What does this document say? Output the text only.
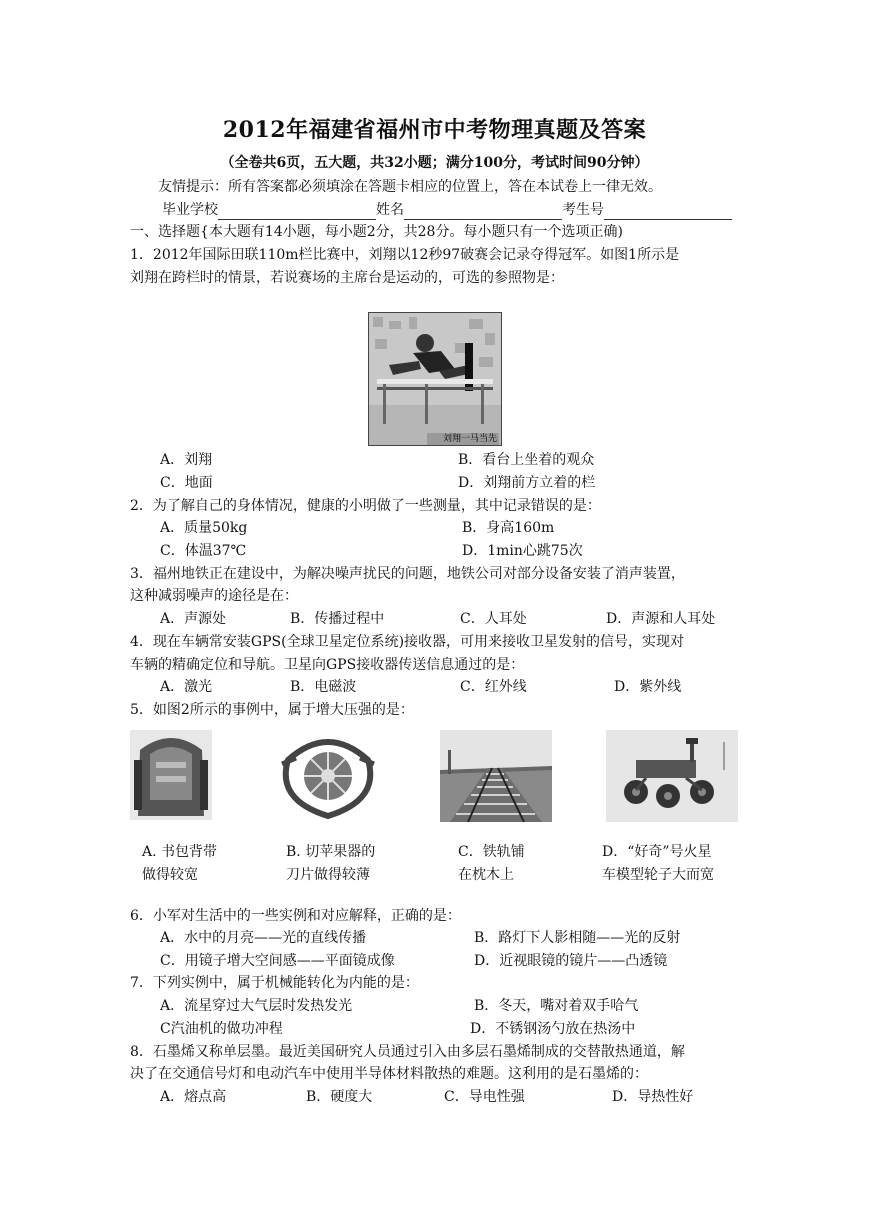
2012年福建省福州市中考物理真题及答案
（全卷共6页，五大题，共32小题；满分100分，考试时间90分钟）
友情提示：所有答案都必须填涂在答题卡相应的位置上，答在本试卷上一律无效。
毕业学校	姓名	考生号
一、选择题{本大题有14小题，每小题2分，共28分。每小题只有一个选项正确)
1．2012年国际田联110m栏比赛中，刘翔以12秒97破赛会记录夺得冠军。如图1所示是
刘翔在跨栏时的情景，若说赛场的主席台是运动的，可选的参照物是：
刘翔一马当先
A．刘翔	B．看台上坐着的观众
C．地面	D．刘翔前方立着的栏
2．为了解自己的身体情况，健康的小明做了一些测量，其中记录错误的是：
A．质量50kg	B．身高160m
C．体温37℃	D．1min心跳75次
3．福州地铁正在建设中，为解决噪声扰民的问题，地铁公司对部分设备安装了消声装置，
这种减弱噪声的途径是在：
A．声源处	B．传播过程中	C．人耳处	D．声源和人耳处
4．现在车辆常安装GPS(全球卫星定位系统)接收器，可用来接收卫星发射的信号，实现对
车辆的精确定位和导航。卫星向GPS接收器传送信息通过的是：
A．激光	B．电磁波	C．红外线	D．紫外线
5．如图2所示的事例中，属于增大压强的是：
A. 书包背带
做得较宽
B. 切苹果器的
刀片做得较薄
C．铁轨铺
在枕木上
D．“好奇”号火星
车模型轮子大而宽
6．小军对生活中的一些实例和对应解释，正确的是：
A．水中的月亮——光的直线传播	B．路灯下人影相随——光的反射
C．用镜子增大空间感——平面镜成像	D．近视眼镜的镜片——凸透镜
7．下列实例中，属于机械能转化为内能的是：
A．流星穿过大气层时发热发光	B．冬天，嘴对着双手哈气
C汽油机的做功冲程	D．不锈钢汤勺放在热汤中
8．石墨烯又称单层墨。最近美国研究人员通过引入由多层石墨烯制成的交替散热通道，解
决了在交通信号灯和电动汽车中使用半导体材料散热的难题。这利用的是石墨烯的：
A．熔点高	B．硬度大	C．导电性强	D．导热性好
